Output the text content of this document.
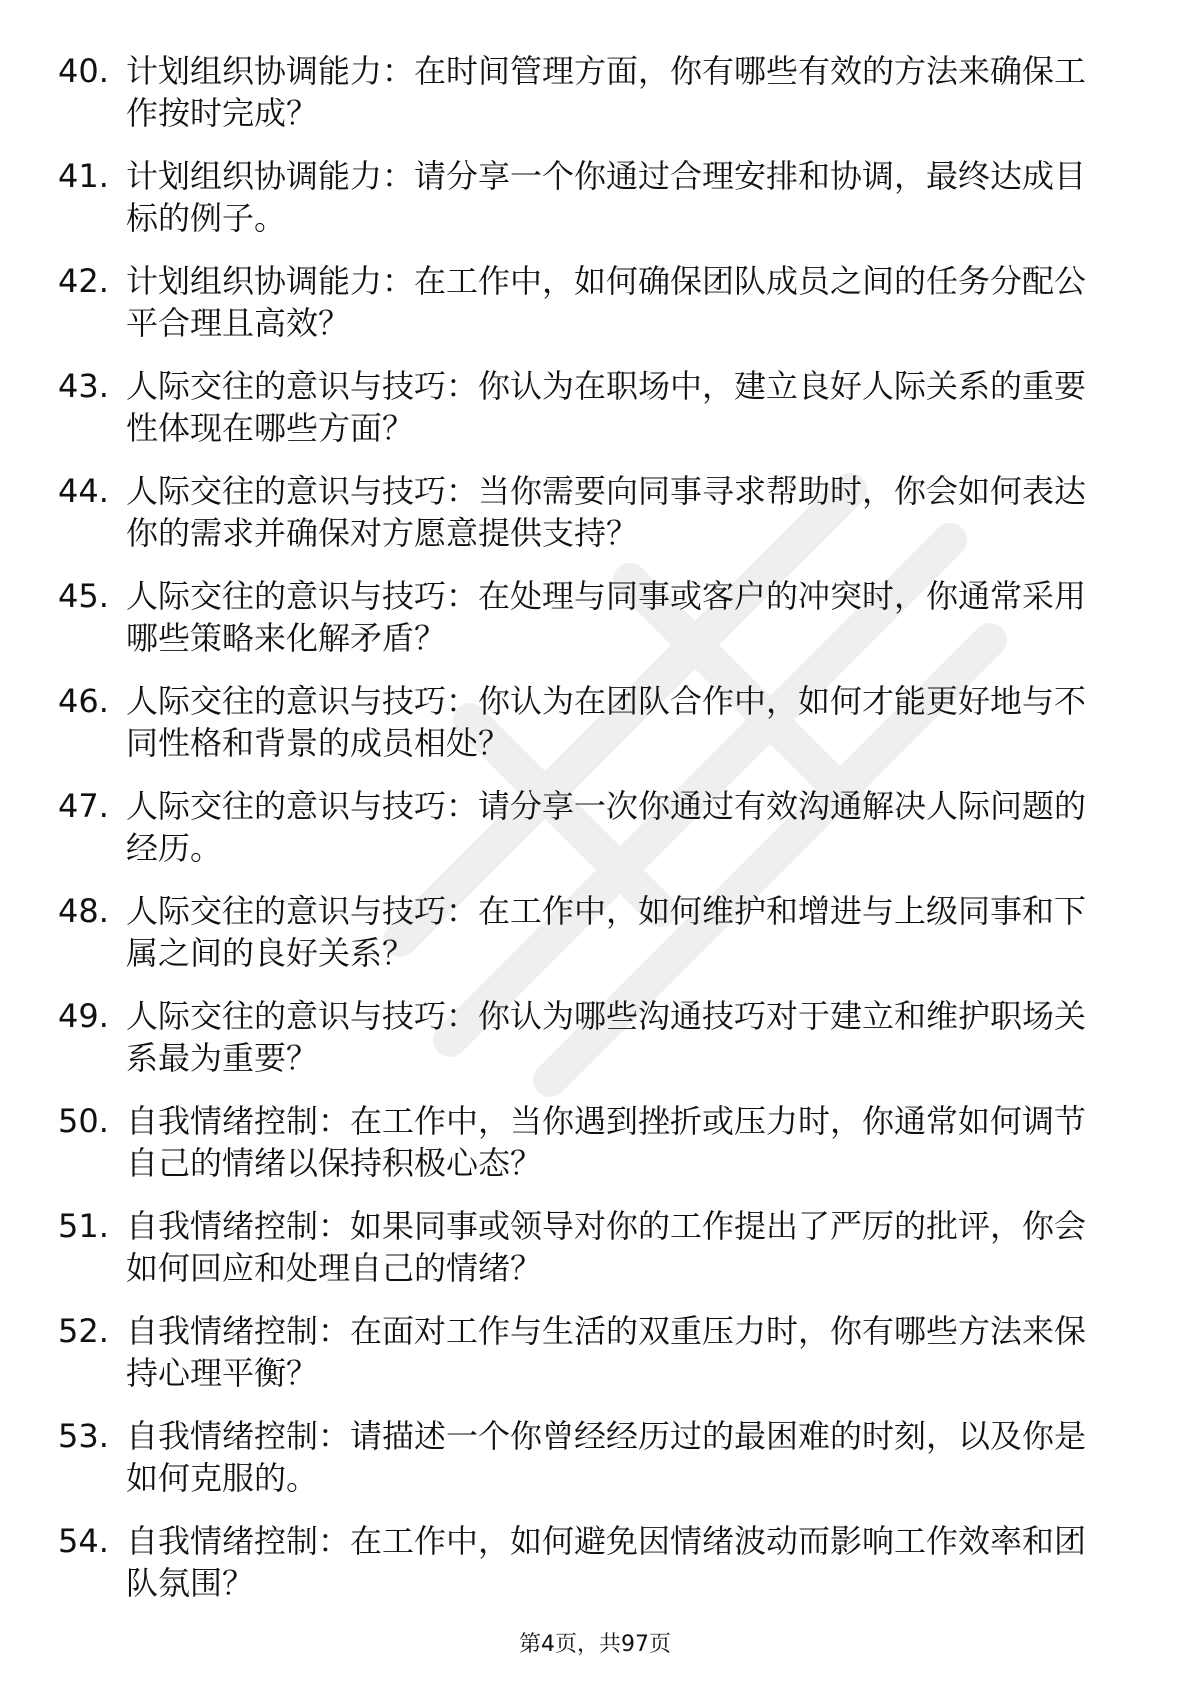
40. 计划组织协调能力：在时间管理方面，你有哪些有效的方法来确保工作按时完成？
41. 计划组织协调能力：请分享一个你通过合理安排和协调，最终达成目标的例子。
42. 计划组织协调能力：在工作中，如何确保团队成员之间的任务分配公平合理且高效？
43. 人际交往的意识与技巧：你认为在职场中，建立良好人际关系的重要性体现在哪些方面？
44. 人际交往的意识与技巧：当你需要向同事寻求帮助时，你会如何表达你的需求并确保对方愿意提供支持？
45. 人际交往的意识与技巧：在处理与同事或客户的冲突时，你通常采用哪些策略来化解矛盾？
46. 人际交往的意识与技巧：你认为在团队合作中，如何才能更好地与不同性格和背景的成员相处？
47. 人际交往的意识与技巧：请分享一次你通过有效沟通解决人际问题的经历。
48. 人际交往的意识与技巧：在工作中，如何维护和增进与上级同事和下属之间的良好关系？
49. 人际交往的意识与技巧：你认为哪些沟通技巧对于建立和维护职场关系最为重要？
50. 自我情绪控制：在工作中，当你遇到挫折或压力时，你通常如何调节自己的情绪以保持积极心态？
51. 自我情绪控制：如果同事或领导对你的工作提出了严厉的批评，你会如何回应和处理自己的情绪？
52. 自我情绪控制：在面对工作与生活的双重压力时，你有哪些方法来保持心理平衡？
53. 自我情绪控制：请描述一个你曾经经历过的最困难的时刻，以及你是如何克服的。
54. 自我情绪控制：在工作中，如何避免因情绪波动而影响工作效率和团队氛围？
第4页，共97页
